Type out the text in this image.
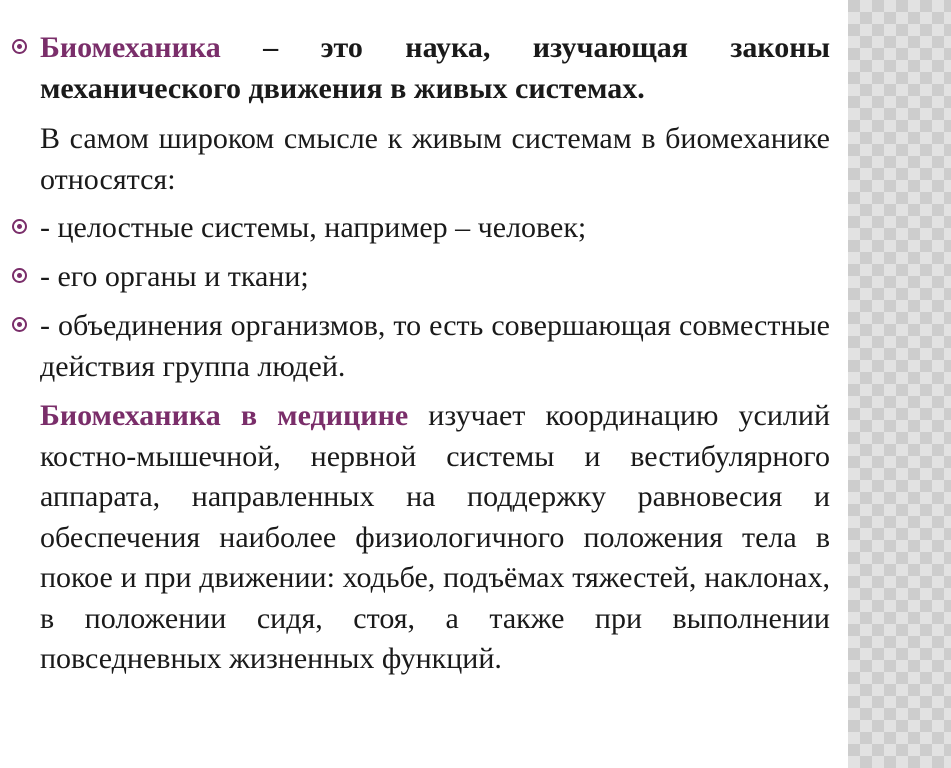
Биомеханика – это наука, изучающая законы механического движения в живых системах.
В самом широком смысле к живым системам в биомеханике относятся:
- целостные системы, например – человек;
- его органы и ткани;
- объединения организмов, то есть совершающая совместные действия группа людей.
Биомеханика в медицине изучает координацию усилий костно-мышечной, нервной системы и вестибулярного аппарата, направленных на поддержку равновесия и обеспечения наиболее физиологичного положения тела в покое и при движении: ходьбе, подъёмах тяжестей, наклонах, в положении сидя, стоя, а также при выполнении повседневных жизненных функций.
